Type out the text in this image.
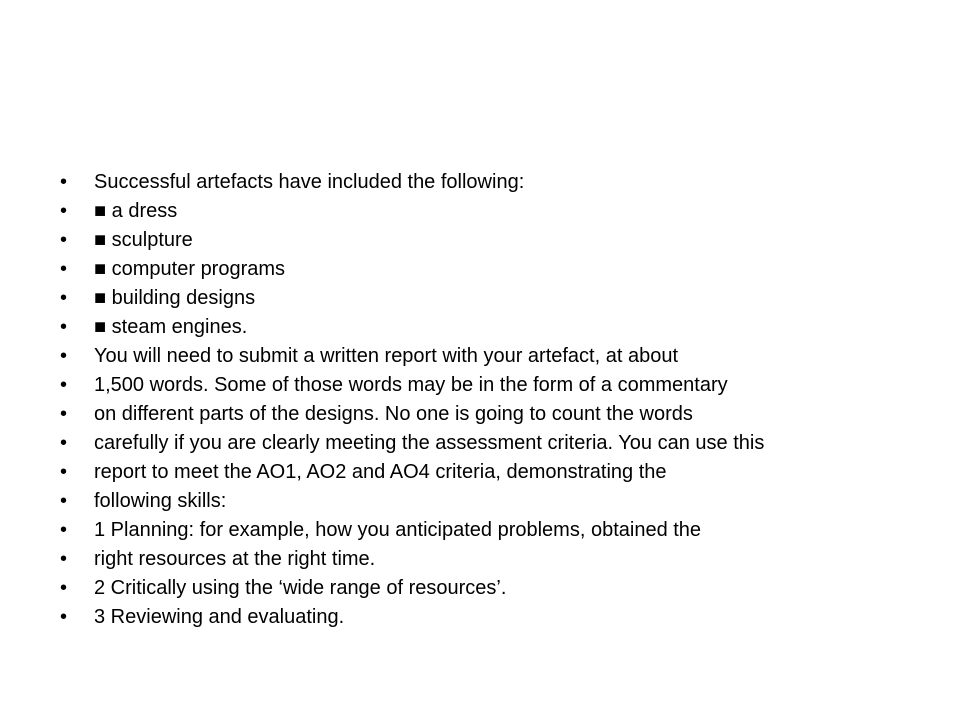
•	Successful artefacts have included the following:
•	■ a dress
•	■ sculpture
•	■ computer programs
•	■ building designs
•	■ steam engines.
•	You will need to submit a written report with your artefact, at about
•	1,500 words. Some of those words may be in the form of a commentary
•	on different parts of the designs. No one is going to count the words
•	carefully if you are clearly meeting the assessment criteria. You can use this
•	report to meet the AO1, AO2 and AO4 criteria, demonstrating the
•	following skills:
•	1 Planning: for example, how you anticipated problems, obtained the
•	right resources at the right time.
•	2 Critically using the ‘wide range of resources’.
•	3 Reviewing and evaluating.
